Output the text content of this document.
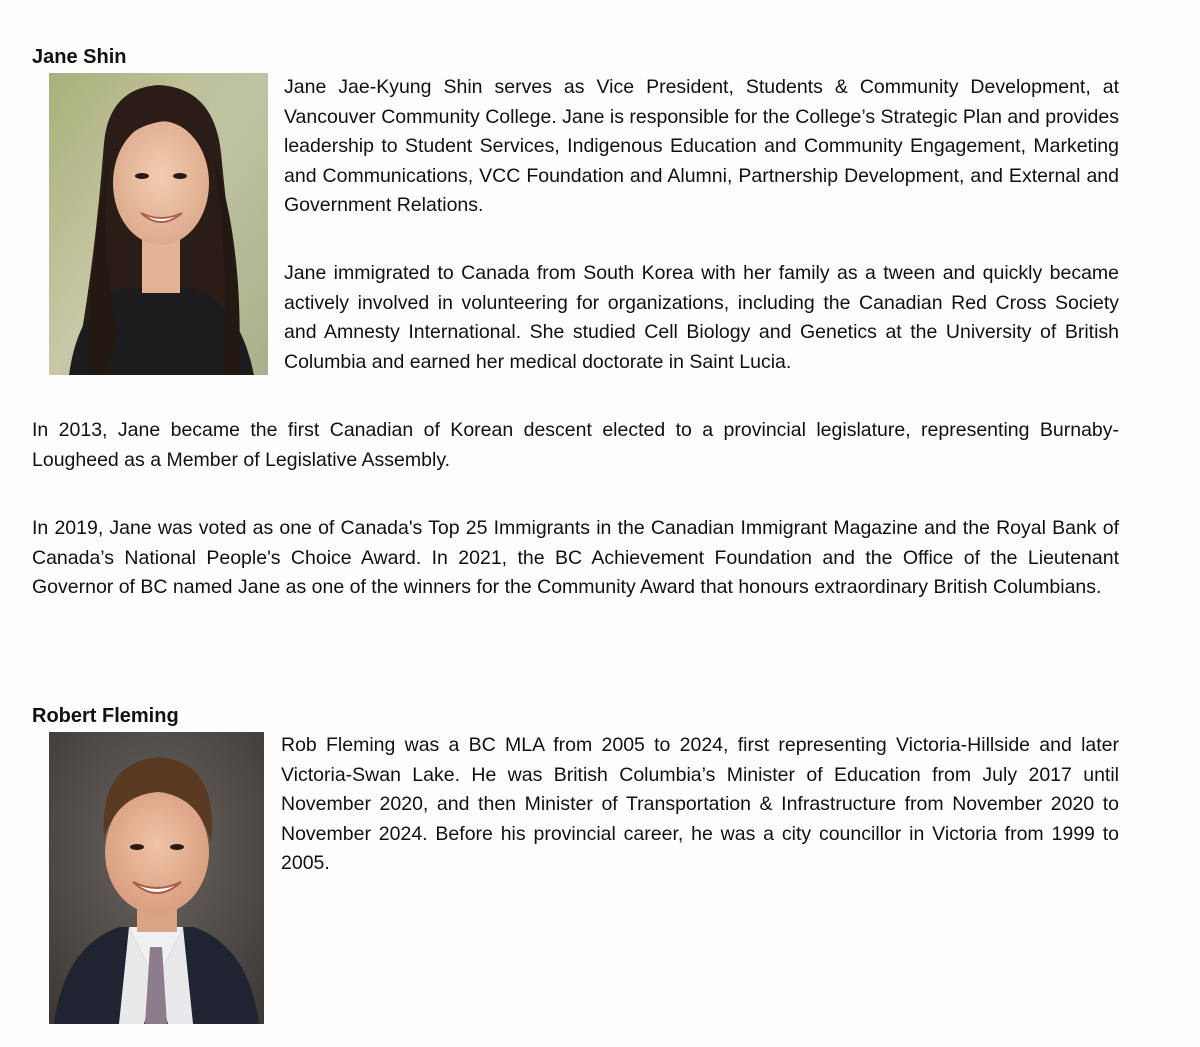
Jane Shin

Jane Jae-Kyung Shin serves as Vice President, Students & Community Development, at Vancouver Community College. Jane is responsible for the College’s Strategic Plan and provides leadership to Student Services, Indigenous Education and Community Engagement, Marketing and Communications, VCC Foundation and Alumni, Partnership Development, and External and Government Relations.

Jane immigrated to Canada from South Korea with her family as a tween and quickly became actively involved in volunteering for organizations, including the Canadian Red Cross Society and Amnesty International. She studied Cell Biology and Genetics at the University of British Columbia and earned her medical doctorate in Saint Lucia.

In 2013, Jane became the first Canadian of Korean descent elected to a provincial legislature, representing Burnaby-Lougheed as a Member of Legislative Assembly.

In 2019, Jane was voted as one of Canada's Top 25 Immigrants in the Canadian Immigrant Magazine and the Royal Bank of Canada’s National People's Choice Award. In 2021, the BC Achievement Foundation and the Office of the Lieutenant Governor of BC named Jane as one of the winners for the Community Award that honours extraordinary British Columbians.

Robert Fleming

Rob Fleming was a BC MLA from 2005 to 2024, first representing Victoria-Hillside and later Victoria-Swan Lake. He was British Columbia’s Minister of Education from July 2017 until November 2020, and then Minister of Transportation & Infrastructure from November 2020 to November 2024. Before his provincial career, he was a city councillor in Victoria from 1999 to 2005.
